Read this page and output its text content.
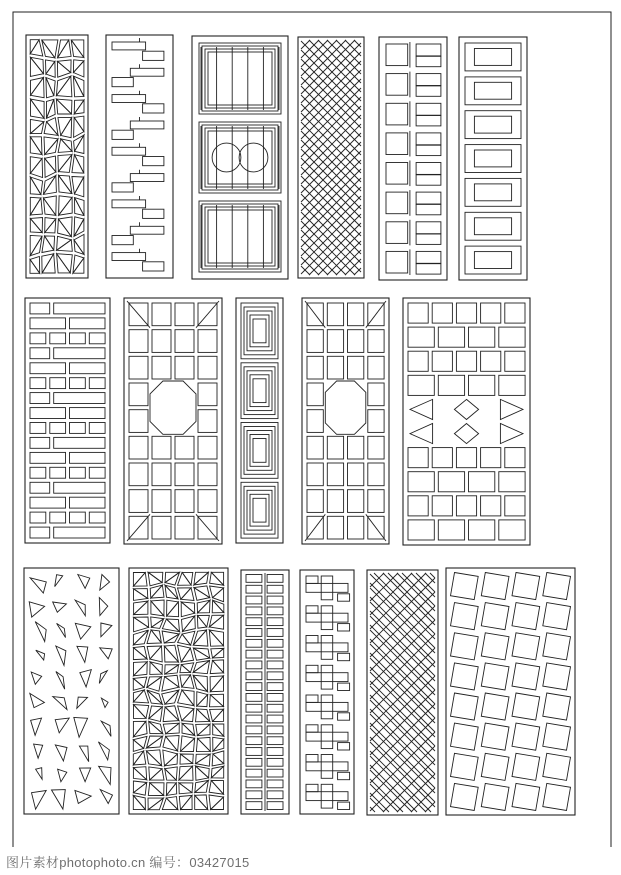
图片素材photophoto.cn 编号：03427015
